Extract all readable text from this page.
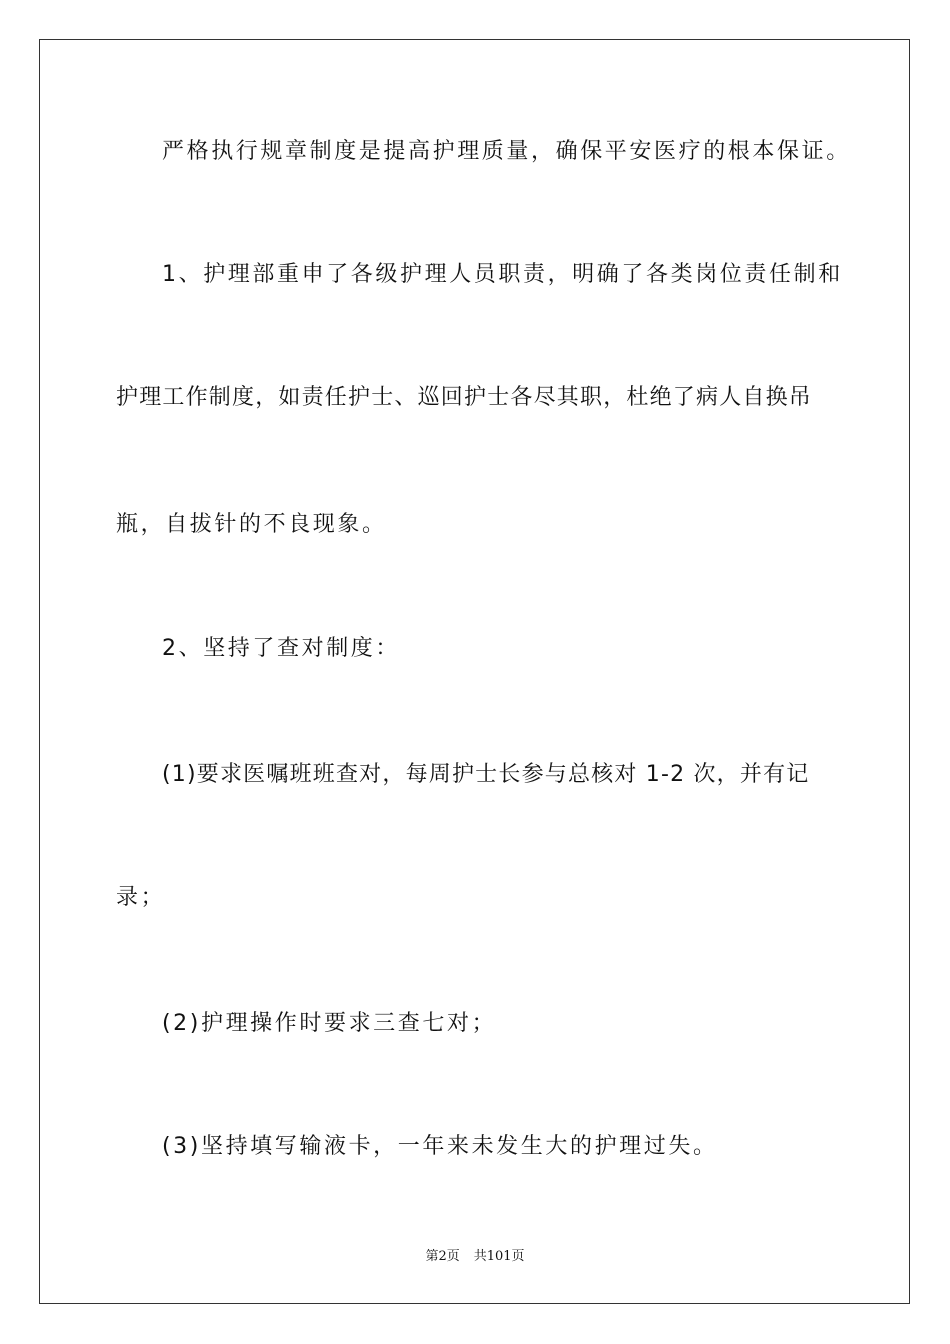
严格执行规章制度是提高护理质量，确保平安医疗的根本保证。
1、护理部重申了各级护理人员职责，明确了各类岗位责任制和
护理工作制度，如责任护士、巡回护士各尽其职，杜绝了病人自换吊
瓶，自拔针的不良现象。
2、坚持了查对制度：
(1)要求医嘱班班查对，每周护士长参与总核对 1-2 次，并有记
录；
(2)护理操作时要求三查七对；
(3)坚持填写输液卡，一年来未发生大的护理过失。
第2页 共101页
